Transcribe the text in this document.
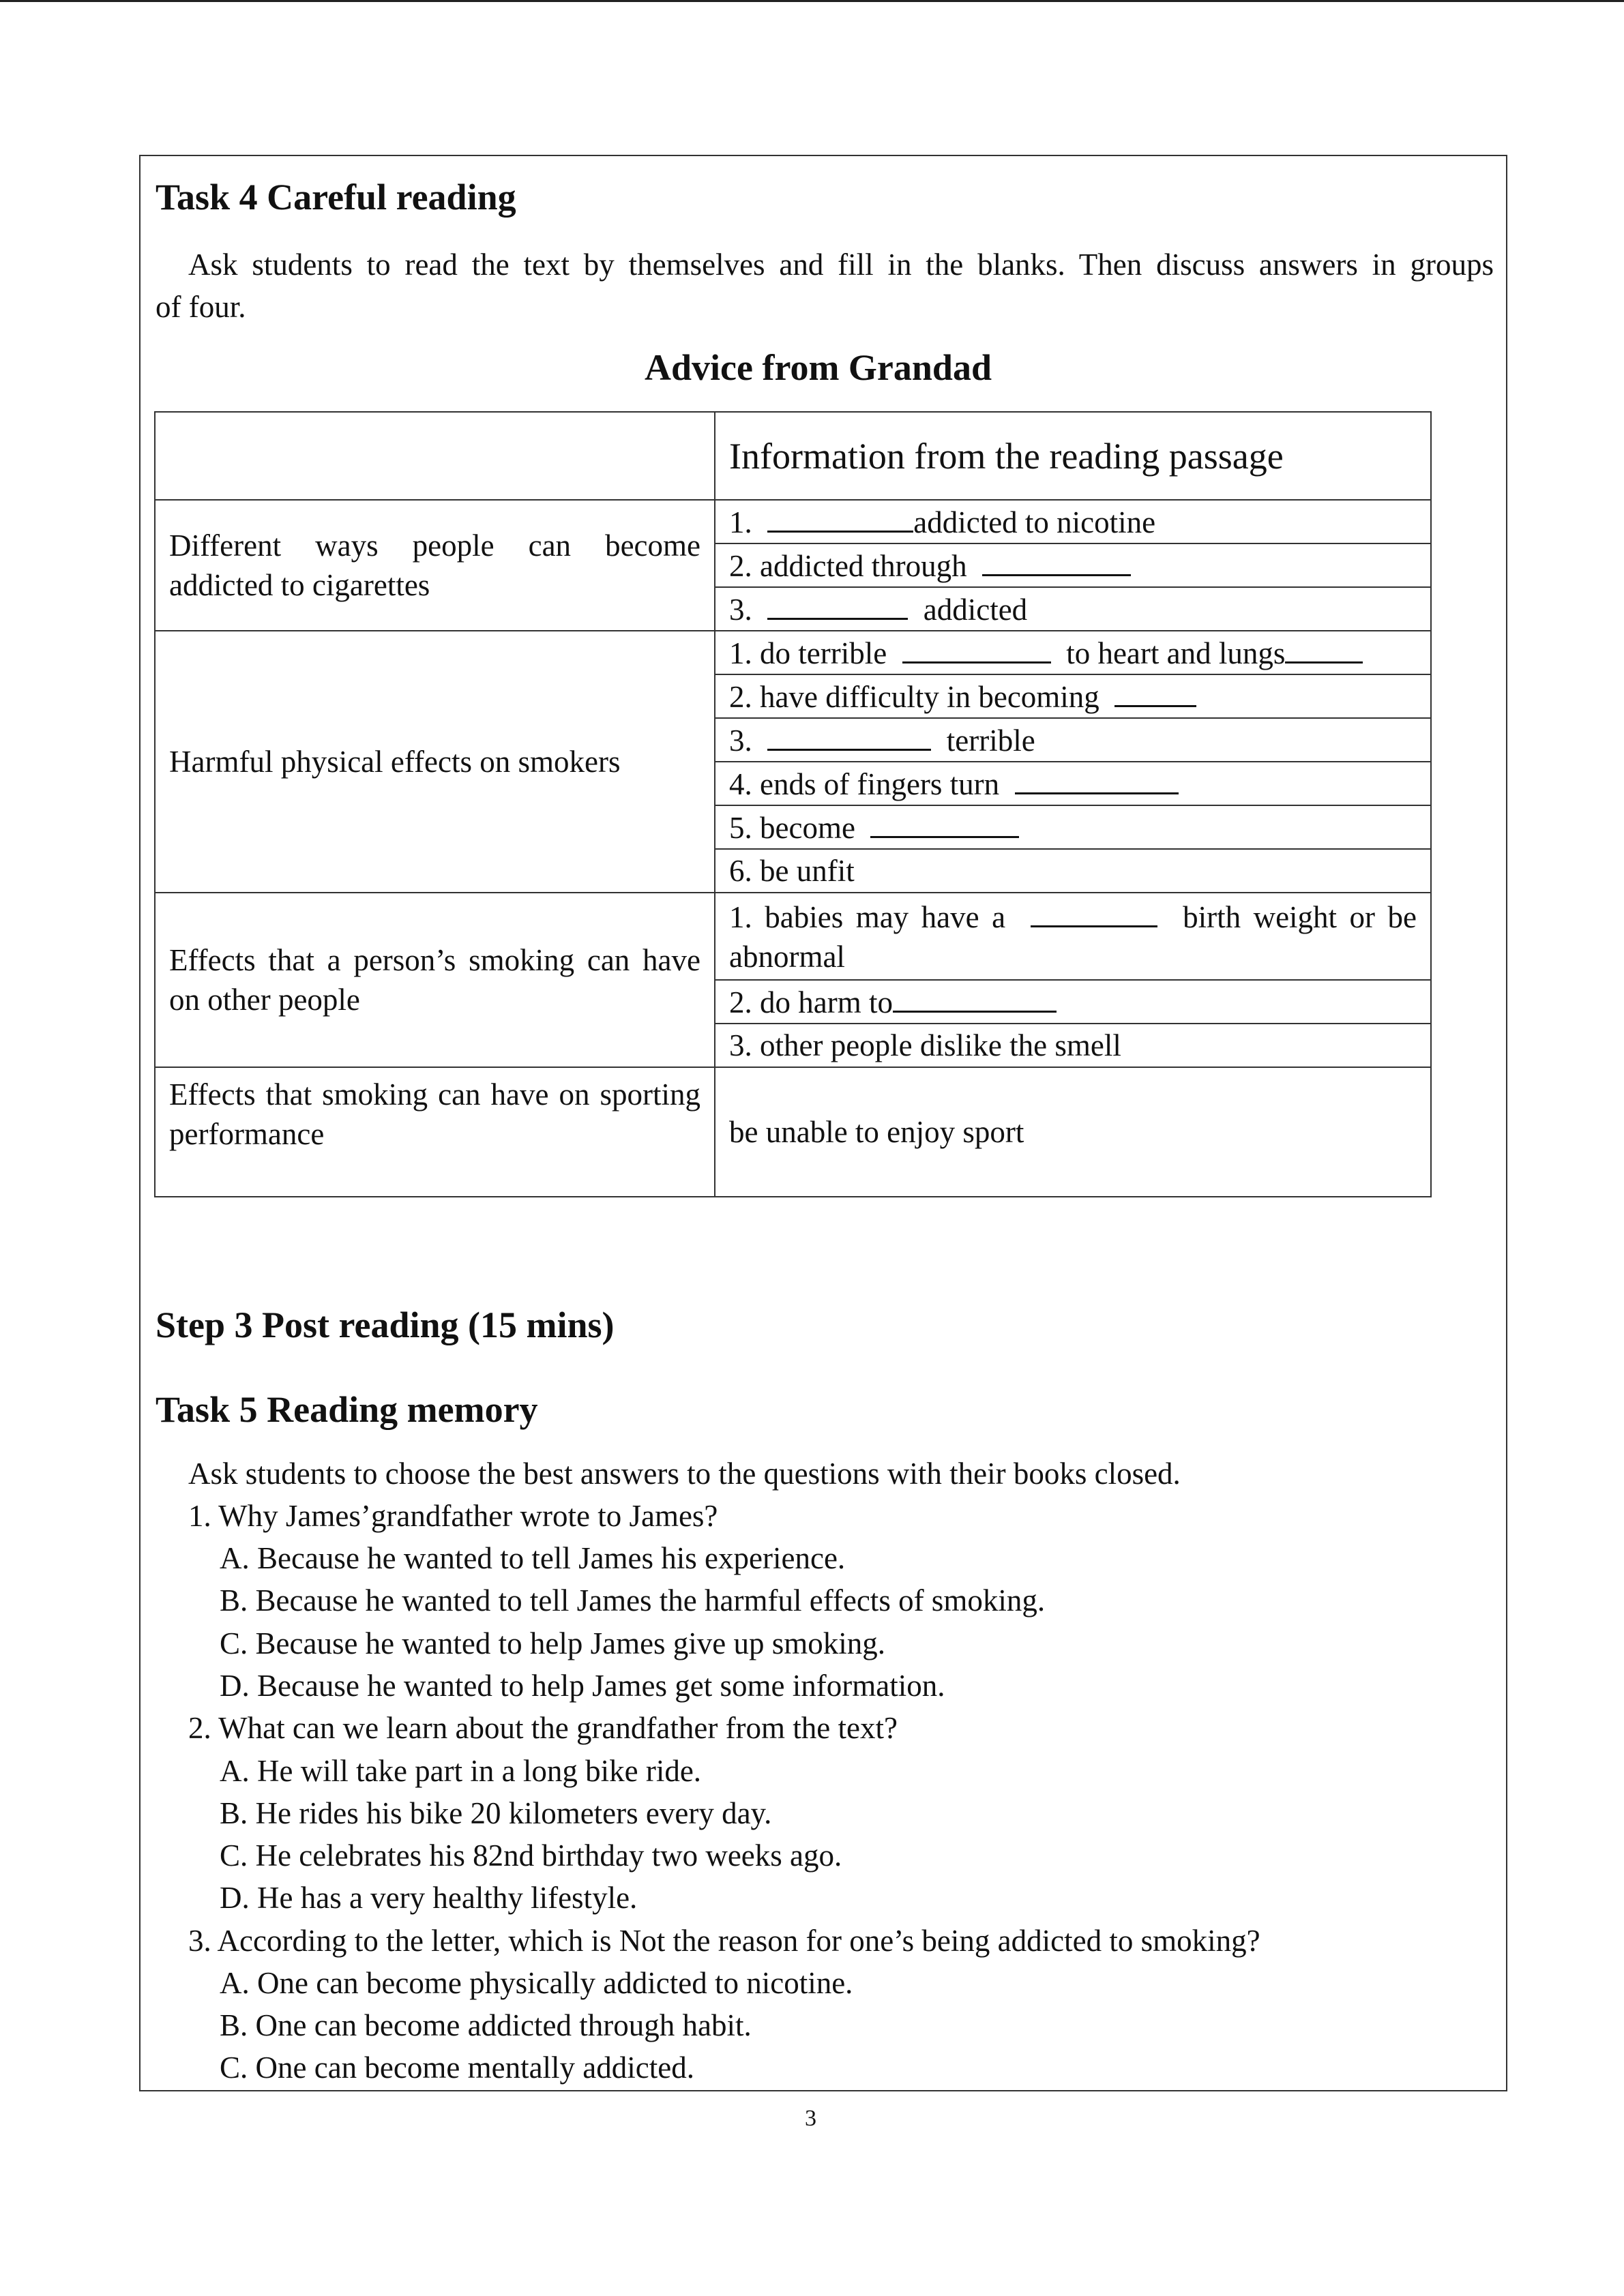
Task 4 Careful reading
Ask students to read the text by themselves and fill in the blanks. Then discuss answers in groups
of four.
Advice from Grandad
	Information from the reading passage
Different ways people can become addicted to cigarettes	1. addicted to nicotine
	2. addicted through
	3. addicted
Harmful physical effects on smokers	1. do terrible to heart and lungs
	2. have difficulty in becoming
	3. terrible
	4. ends of fingers turn
	5. become
	6. be unfit
Effects that a person’s smoking can have on other people	1. babies may have a birth weight or be abnormal
	2. do harm to
	3. other people dislike the smell
Effects that smoking can have on sporting performance	be unable to enjoy sport
Step 3 Post reading (15 mins)
Task 5 Reading memory
Ask students to choose the best answers to the questions with their books closed.
1. Why James’grandfather wrote to James?
A. Because he wanted to tell James his experience.
B. Because he wanted to tell James the harmful effects of smoking.
C. Because he wanted to help James give up smoking.
D. Because he wanted to help James get some information.
2. What can we learn about the grandfather from the text?
A. He will take part in a long bike ride.
B. He rides his bike 20 kilometers every day.
C. He celebrates his 82nd birthday two weeks ago.
D. He has a very healthy lifestyle.
3. According to the letter, which is Not the reason for one’s being addicted to smoking?
A. One can become physically addicted to nicotine.
B. One can become addicted through habit.
C. One can become mentally addicted.
3
